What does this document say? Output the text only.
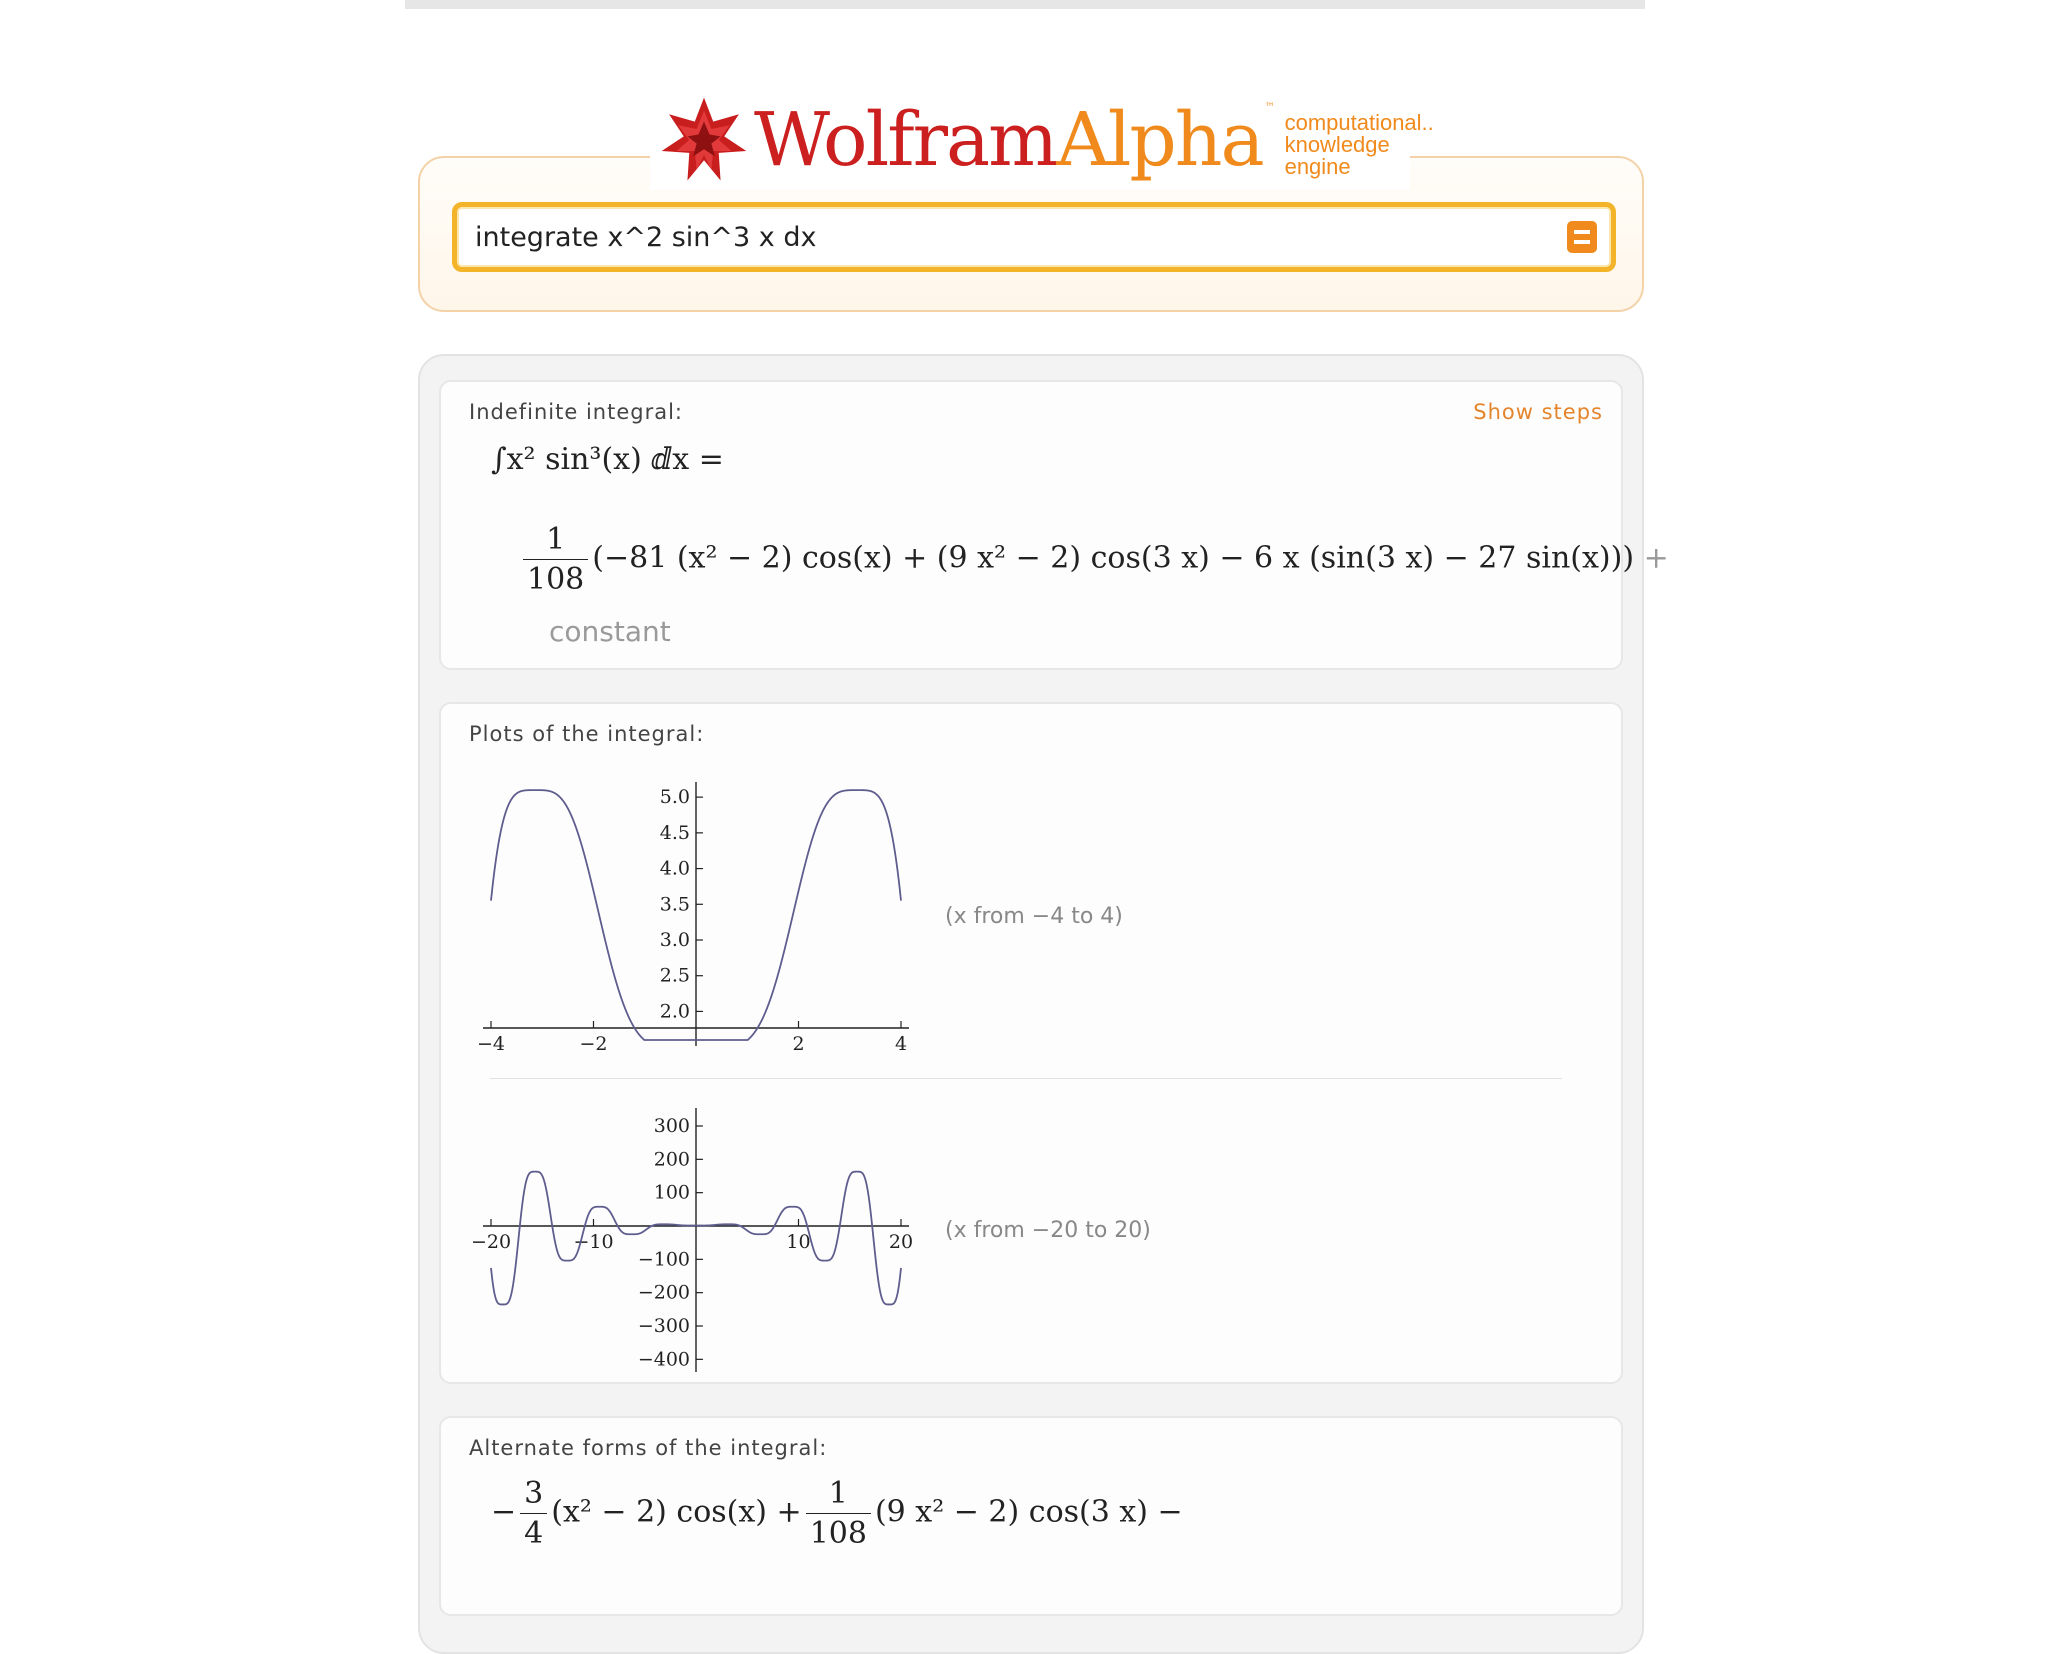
WolframAlpha ™
computational..
knowledge engine
integrate x^2 sin^3 x dx
Indefinite integral:	Show steps
∫x² sin³(x) ⅆx =
$\frac{1}{108} (-81$ (x² − 2) cos(x) + (9 x² − 2) cos(3 x) − 6 x (sin(3 x) − 27 sin(x))) +
constant
Plots of the integral:
−4	−2	2	4
2.0
2.5
3.0
3.5
4.0
4.5
5.0
(x from −4 to 4)
−20	−10	10	20
300
200
100
−100
−200
−300
−400
(x from −20 to 20)
Alternate forms of the integral:
− $\frac{3}{4} (x^2 - 2) \cos(x) + \frac{1}{108} (9$ x² − 2) cos(3 x) −
